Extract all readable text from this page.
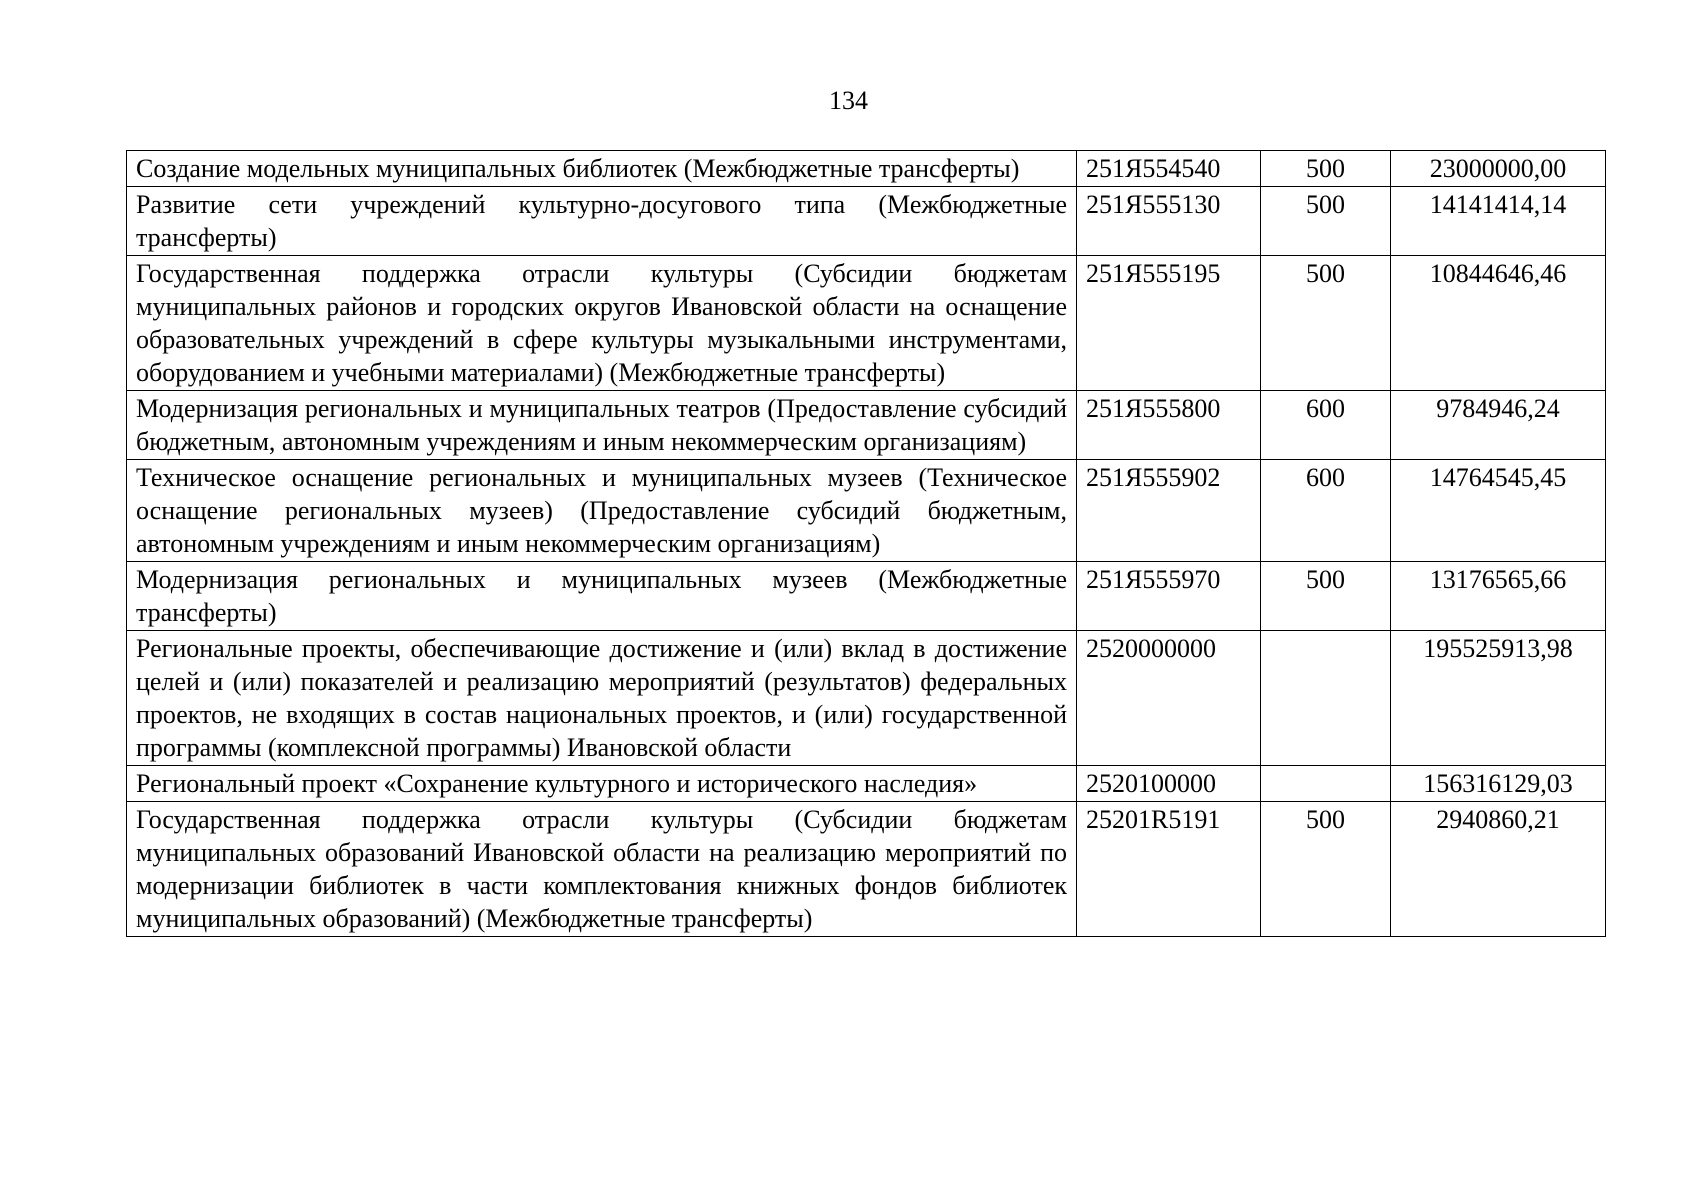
134
Создание модельных муниципальных библиотек (Межбюджетные трансферты)	251Я554540	500	23000000,00
Развитие сети учреждений культурно-досугового типа (Межбюджетные трансферты)	251Я555130	500	14141414,14
Государственная поддержка отрасли культуры (Субсидии бюджетам муниципальных районов и городских округов Ивановской области на оснащение образовательных учреждений в сфере культуры музыкальными инструментами, оборудованием и учебными материалами) (Межбюджетные трансферты)	251Я555195	500	10844646,46
Модернизация региональных и муниципальных театров (Предоставление субсидий бюджетным, автономным учреждениям и иным некоммерческим организациям)	251Я555800	600	9784946,24
Техническое оснащение региональных и муниципальных музеев (Техническое оснащение региональных музеев) (Предоставление субсидий бюджетным, автономным учреждениям и иным некоммерческим организациям)	251Я555902	600	14764545,45
Модернизация региональных и муниципальных музеев (Межбюджетные трансферты)	251Я555970	500	13176565,66
Региональные проекты, обеспечивающие достижение и (или) вклад в достижение целей и (или) показателей и реализацию мероприятий (результатов) федеральных проектов, не входящих в состав национальных проектов, и (или) государственной программы (комплексной программы) Ивановской области	2520000000		195525913,98
Региональный проект «Сохранение культурного и исторического наследия»	2520100000		156316129,03
Государственная поддержка отрасли культуры (Субсидии бюджетам муниципальных образований Ивановской области на реализацию мероприятий по модернизации библиотек в части комплектования книжных фондов библиотек муниципальных образований) (Межбюджетные трансферты)	25201R5191	500	2940860,21
